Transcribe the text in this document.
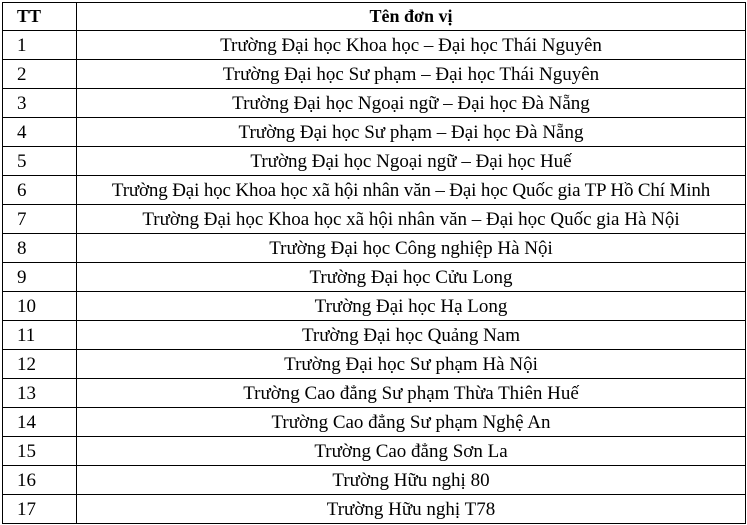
TT	Tên đơn vị
1	Trường Đại học Khoa học – Đại học Thái Nguyên
2	Trường Đại học Sư phạm – Đại học Thái Nguyên
3	Trường Đại học Ngoại ngữ – Đại học Đà Nẵng
4	Trường Đại học Sư phạm – Đại học Đà Nẵng
5	Trường Đại học Ngoại ngữ – Đại học Huế
6	Trường Đại học Khoa học xã hội nhân văn – Đại học Quốc gia TP Hồ Chí Minh
7	Trường Đại học Khoa học xã hội nhân văn – Đại học Quốc gia Hà Nội
8	Trường Đại học Công nghiệp Hà Nội
9	Trường Đại học Cửu Long
10	Trường Đại học Hạ Long
11	Trường Đại học Quảng Nam
12	Trường Đại học Sư phạm Hà Nội
13	Trường Cao đẳng Sư phạm Thừa Thiên Huế
14	Trường Cao đẳng Sư phạm Nghệ An
15	Trường Cao đẳng Sơn La
16	Trường Hữu nghị 80
17	Trường Hữu nghị T78
